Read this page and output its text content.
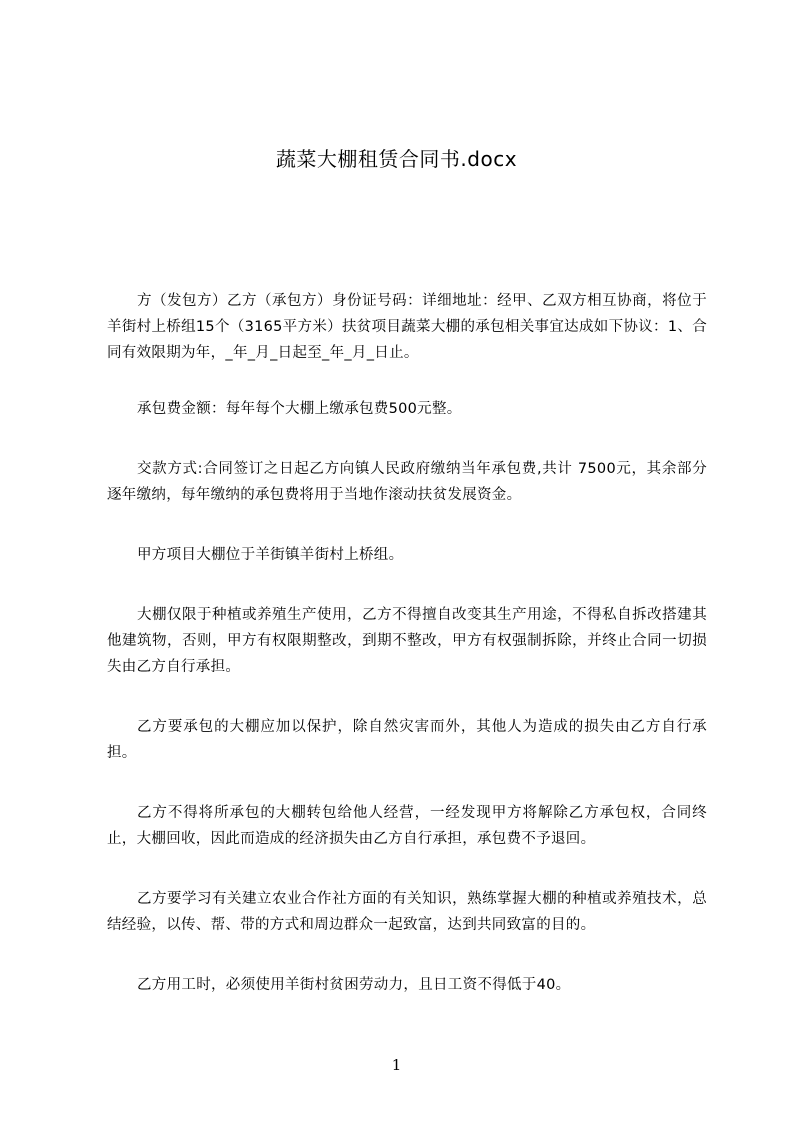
蔬菜大棚租赁合同书.docx

方（发包方）乙方（承包方）身份证号码：详细地址：经甲、乙双方相互协商，将位于羊街村上桥组15个（3165平方米）扶贫项目蔬菜大棚的承包相关事宜达成如下协议：1、合同有效限期为年，_年_月_日起至_年_月_日止。

承包费金额：每年每个大棚上缴承包费500元整。

交款方式:合同签订之日起乙方向镇人民政府缴纳当年承包费,共计 7500元，其余部分逐年缴纳，每年缴纳的承包费将用于当地作滚动扶贫发展资金。

甲方项目大棚位于羊街镇羊街村上桥组。

大棚仅限于种植或养殖生产使用，乙方不得擅自改变其生产用途，不得私自拆改搭建其他建筑物，否则，甲方有权限期整改，到期不整改，甲方有权强制拆除，并终止合同一切损失由乙方自行承担。

乙方要承包的大棚应加以保护，除自然灾害而外，其他人为造成的损失由乙方自行承担。

乙方不得将所承包的大棚转包给他人经营，一经发现甲方将解除乙方承包权，合同终止，大棚回收，因此而造成的经济损失由乙方自行承担，承包费不予退回。

乙方要学习有关建立农业合作社方面的有关知识，熟练掌握大棚的种植或养殖技术，总结经验，以传、帮、带的方式和周边群众一起致富，达到共同致富的目的。

乙方用工时，必须使用羊街村贫困劳动力，且日工资不得低于40。

1
